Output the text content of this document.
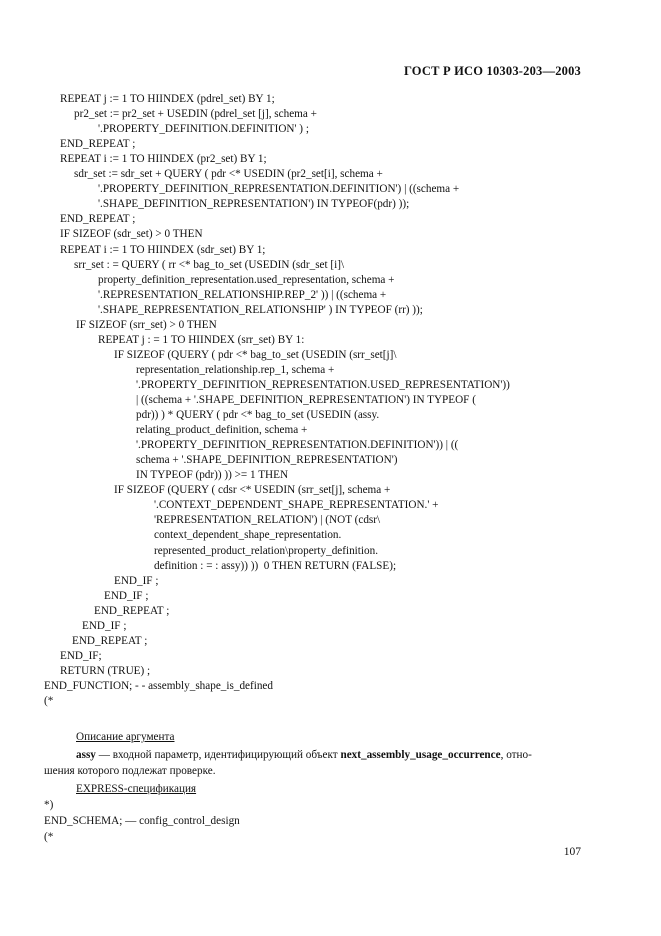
ГОСТ Р ИСО 10303-203—2003
REPEAT j := 1 TO HIINDEX (pdrel_set) BY 1;
pr2_set := pr2_set + USEDIN (pdrel_set [j], schema +
'.PROPERTY_DEFINITION.DEFINITION' ) ;
END_REPEAT ;
REPEAT i := 1 TO HIINDEX (pr2_set) BY 1;
sdr_set := sdr_set + QUERY ( pdr <* USEDIN (pr2_set[i], schema +
'.PROPERTY_DEFINITION_REPRESENTATION.DEFINITION') | ((schema +
'.SHAPE_DEFINITION_REPRESENTATION') IN TYPEOF(pdr) ));
END_REPEAT ;
IF SIZEOF (sdr_set) > 0 THEN
REPEAT i := 1 TO HIINDEX (sdr_set) BY 1;
srr_set : = QUERY ( rr <* bag_to_set (USEDIN (sdr_set [i]\
property_definition_representation.used_representation, schema +
'.REPRESENTATION_RELATIONSHIP.REP_2' )) | ((schema +
'.SHAPE_REPRESENTATION_RELATIONSHIP' ) IN TYPEOF (rr) ));
IF SIZEOF (srr_set) > 0 THEN
REPEAT j : = 1 TO HIINDEX (srr_set) BY 1:
IF SIZEOF (QUERY ( pdr <* bag_to_set (USEDIN (srr_set[j]\
representation_relationship.rep_1, schema +
'.PROPERTY_DEFINITION_REPRESENTATION.USED_REPRESENTATION'))
| ((schema + '.SHAPE_DEFINITION_REPRESENTATION') IN TYPEOF (
pdr)) ) * QUERY ( pdr <* bag_to_set (USEDIN (assy.
relating_product_definition, schema +
'.PROPERTY_DEFINITION_REPRESENTATION.DEFINITION')) | ((
schema + '.SHAPE_DEFINITION_REPRESENTATION')
IN TYPEOF (pdr)) )) >= 1 THEN
IF SIZEOF (QUERY ( cdsr <* USEDIN (srr_set[j], schema +
'.CONTEXT_DEPENDENT_SHAPE_REPRESENTATION.' +
'REPRESENTATION_RELATION') | (NOT (cdsr\
context_dependent_shape_representation.
represented_product_relation\property_definition.
definition : = : assy)) ))  0 THEN RETURN (FALSE);
END_IF ;
END_IF ;
END_REPEAT ;
END_IF ;
END_REPEAT ;
END_IF;
RETURN (TRUE) ;
END_FUNCTION; - - assembly_shape_is_defined
(*
Описание аргумента
assy — входной параметр, идентифицирующий объект next_assembly_usage_occurrence, отно-
шения которого подлежат проверке.
EXPRESS-спецификация
*)
END_SCHEMA; — config_control_design
(*
107
